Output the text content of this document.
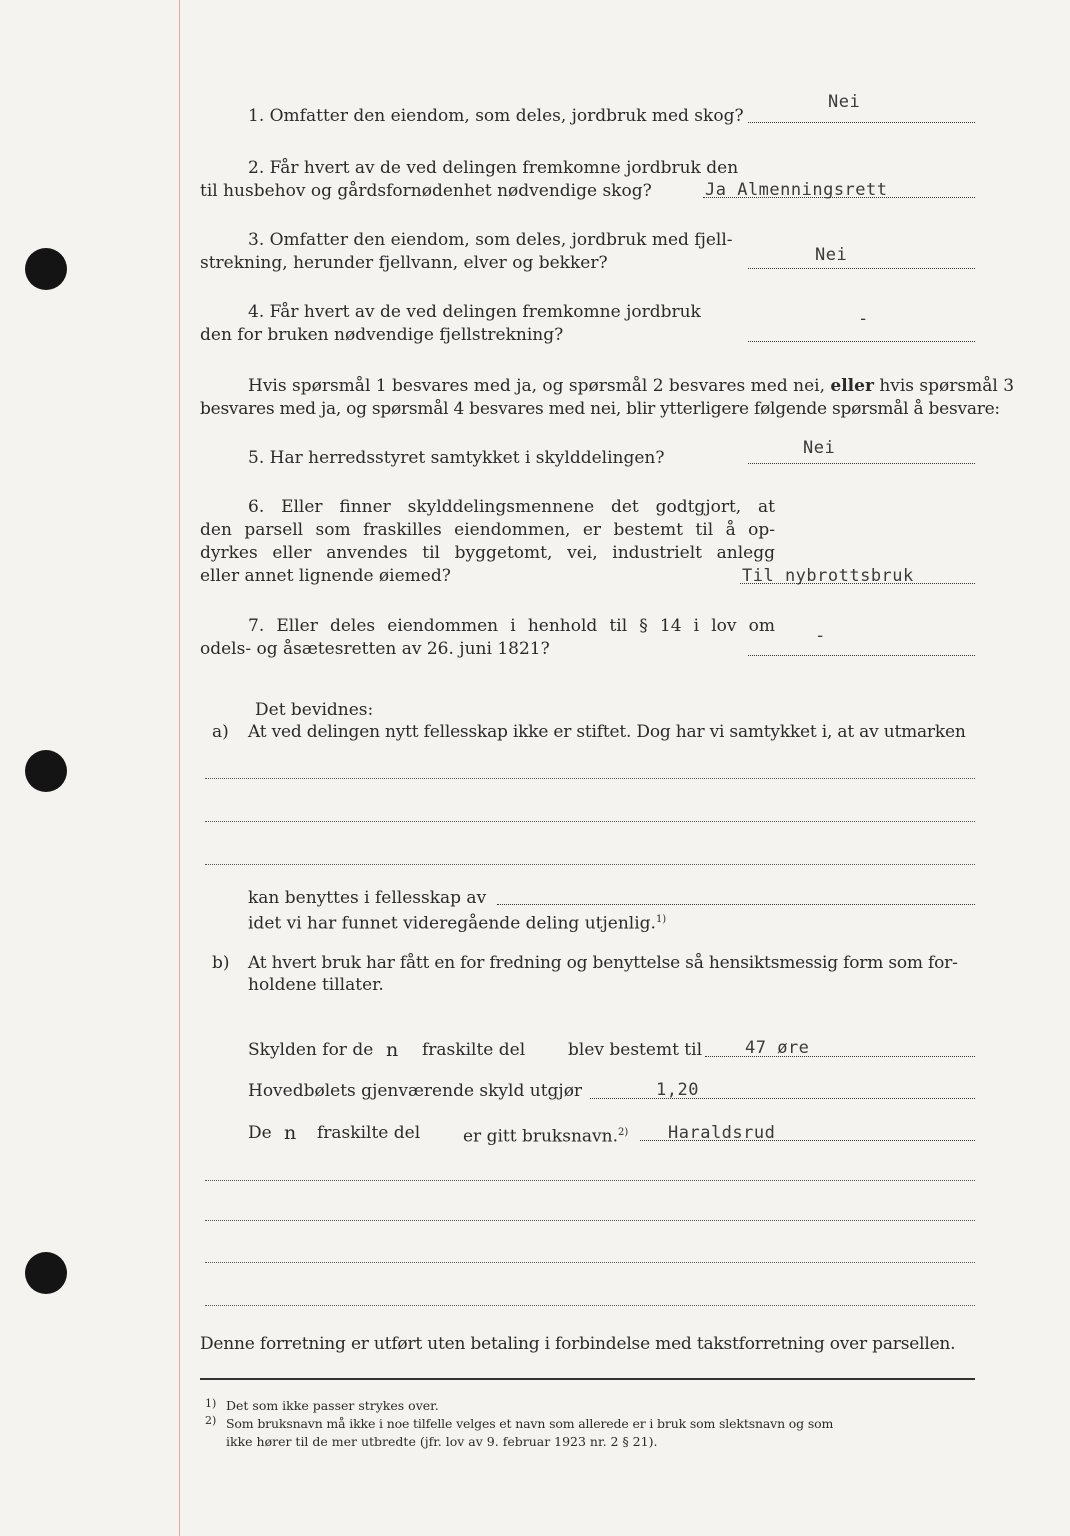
1. Omfatter den eiendom, som deles, jordbruk med skog?
Nei
2. Får hvert av de ved delingen fremkomne jordbruk den
til husbehov og gårdsfornødenhet nødvendige skog?	Ja Almenningsrett
3. Omfatter den eiendom, som deles, jordbruk med fjell-
strekning, herunder fjellvann, elver og bekker?	Nei
4. Får hvert av de ved delingen fremkomne jordbruk
den for bruken nødvendige fjellstrekning?
-
Hvis spørsmål 1 besvares med ja, og spørsmål 2 besvares med nei, eller hvis spørsmål 3
besvares med ja, og spørsmål 4 besvares med nei, blir ytterligere følgende spørsmål å besvare:
5. Har herredsstyret samtykket i skylddelingen?	Nei
6. Eller finner skylddelingsmennene det godtgjort, at
den parsell som fraskilles eiendommen, er bestemt til å op-
dyrkes eller anvendes til byggetomt, vei, industrielt anlegg
eller annet lignende øiemed?	Til nybrottsbruk
7. Eller deles eiendommen i henhold til § 14 i lov om
odels- og åsætesretten av 26. juni 1821?
-
Det bevidnes:
a) At ved delingen nytt fellesskap ikke er stiftet. Dog har vi samtykket i, at av utmarken
kan benyttes i fellesskap av
idet vi har funnet videregående deling utjenlig.$^{1)}$
b) At hvert bruk har fått en for fredning og benyttelse så hensiktsmessig form som for-
holdene tillater.
Skylden for de n fraskilte del	blev bestemt til	47 øre
Hovedbølets gjenværende skyld utgjør	1,20
De n fraskilte del	er gitt bruksnavn.$^{2)}$ Haraldsrud
Denne forretning er utført uten betaling i forbindelse med takstforretning over parsellen.
1) Det som ikke passer strykes over.
2) Som bruksnavn må ikke i noe tilfelle velges et navn som allerede er i bruk som slektsnavn og som
ikke hører til de mer utbredte (jfr. lov av 9. februar 1923 nr. 2 § 21).
